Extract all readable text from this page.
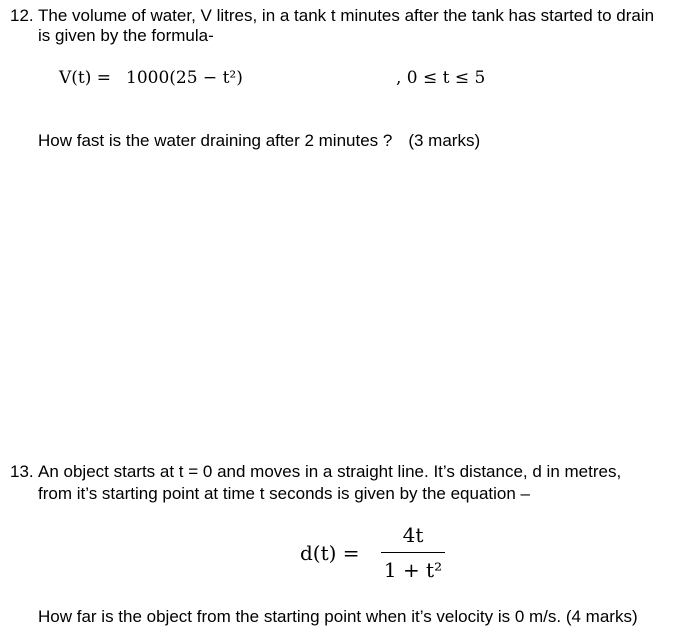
12. The volume of water, V litres, in a tank t minutes after the tank has started to drain
is given by the formula-
V(t) = 1000(25 − t²)	, 0 ≤ t ≤ 5
How fast is the water draining after 2 minutes ? (3 marks)
13. An object starts at t = 0 and moves in a straight line. It’s distance, d in metres,
from it’s starting point at time t seconds is given by the equation –
d(t) =
4t
1 + t²
How far is the object from the starting point when it’s velocity is 0 m/s. (4 marks)
